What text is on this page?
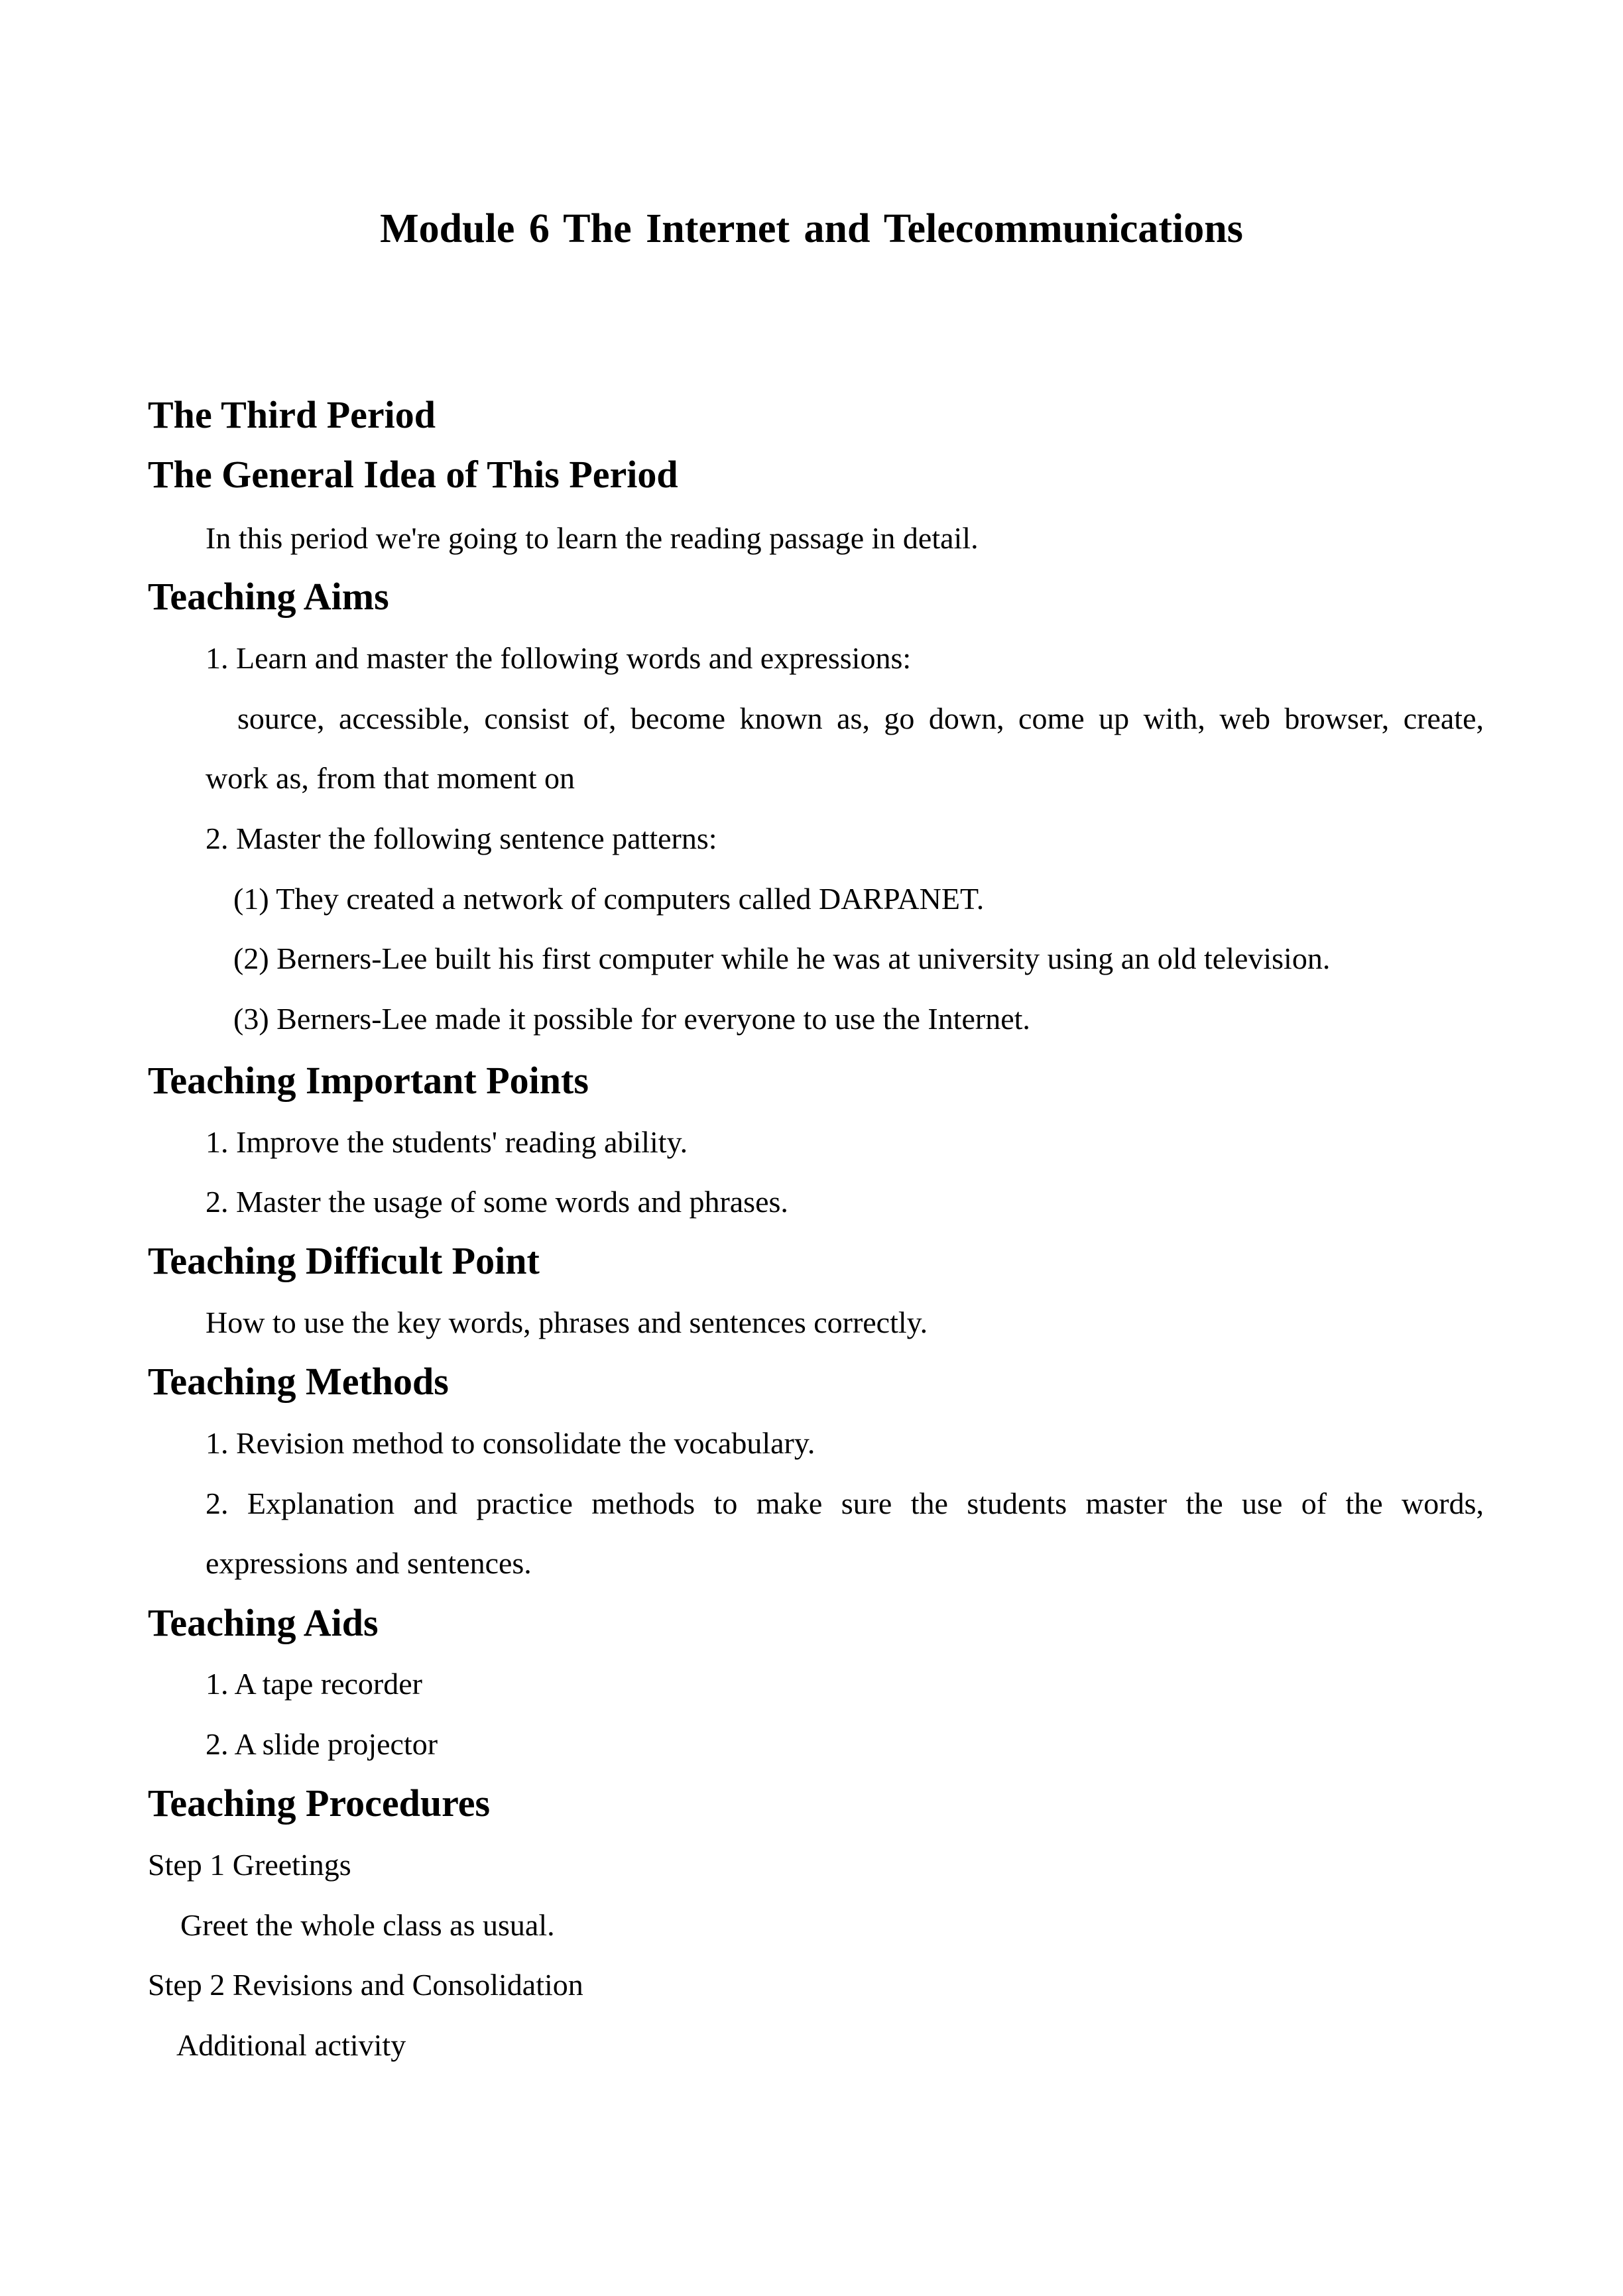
Module 6 The Internet and Telecommunications
The Third Period
The General Idea of This Period
In this period we're going to learn the reading passage in detail.
Teaching Aims
1. Learn and master the following words and expressions:
source, accessible, consist of, become known as, go down, come up with, web browser, create,
work as, from that moment on
2. Master the following sentence patterns:
(1) They created a network of computers called DARPANET.
(2) Berners-Lee built his first computer while he was at university using an old television.
(3) Berners-Lee made it possible for everyone to use the Internet.
Teaching Important Points
1. Improve the students' reading ability.
2. Master the usage of some words and phrases.
Teaching Difficult Point
How to use the key words, phrases and sentences correctly.
Teaching Methods
1. Revision method to consolidate the vocabulary.
2. Explanation and practice methods to make sure the students master the use of the words,
expressions and sentences.
Teaching Aids
1. A tape recorder
2. A slide projector
Teaching Procedures
Step 1 Greetings
Greet the whole class as usual.
Step 2 Revisions and Consolidation
Additional activity
